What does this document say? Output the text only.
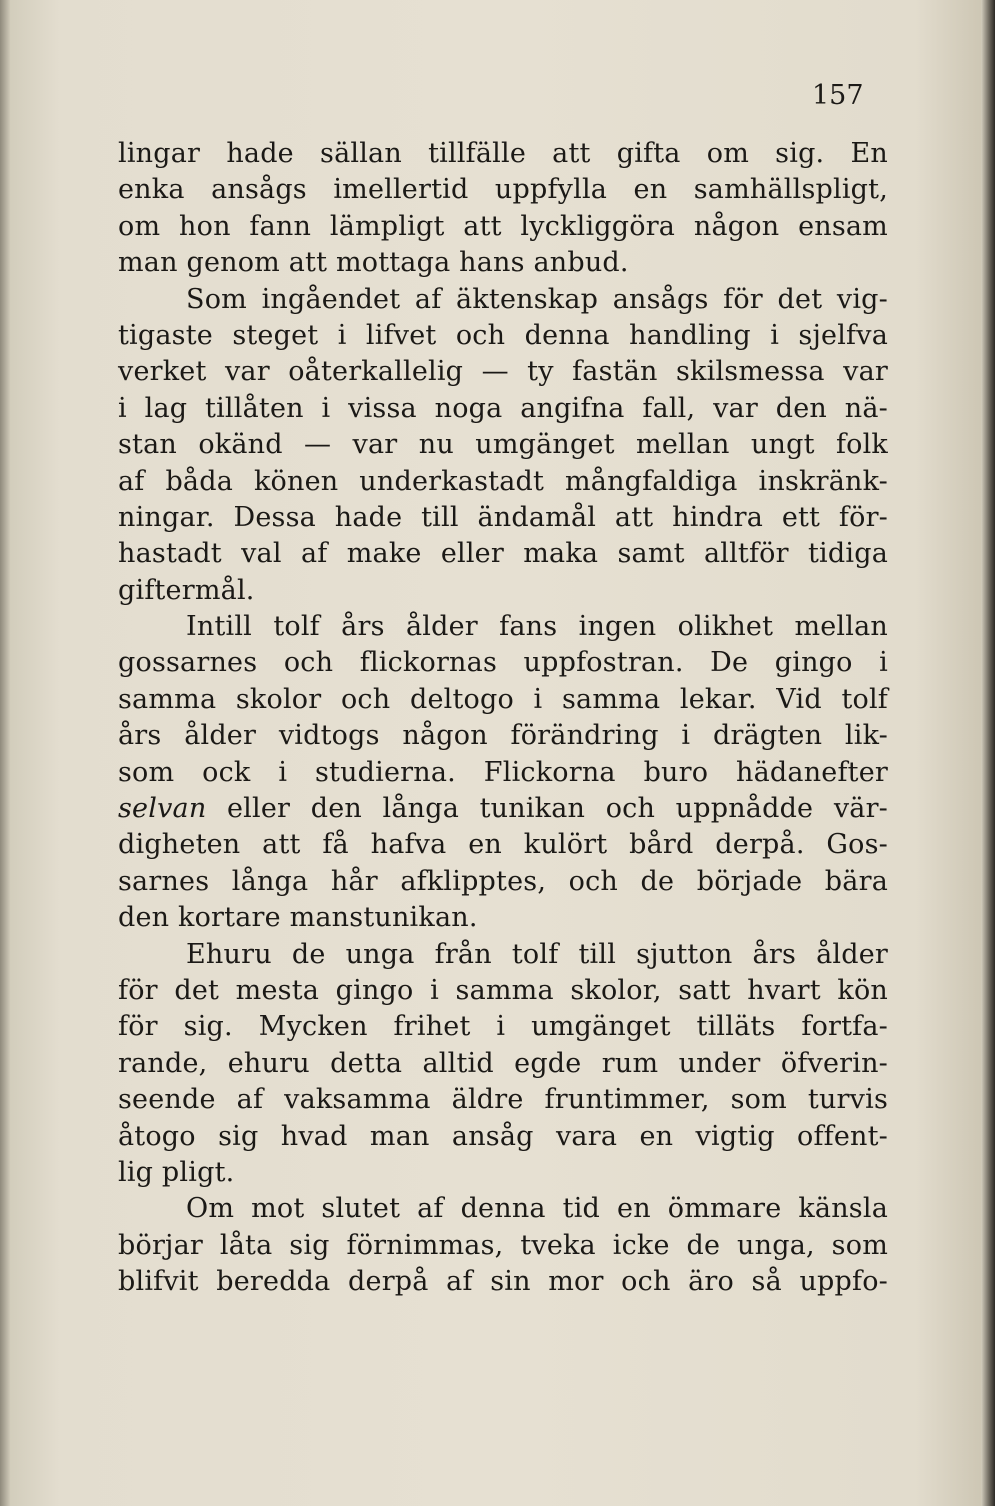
157
lingar hade sällan tillfälle att gifta om sig. En
enka ansågs imellertid uppfylla en samhällspligt,
om hon fann lämpligt att lyckliggöra någon ensam
man genom att mottaga hans anbud.
Som ingåendet af äktenskap ansågs för det vig-
tigaste steget i lifvet och denna handling i sjelfva
verket var oåterkallelig — ty fastän skilsmessa var
i lag tillåten i vissa noga angifna fall, var den nä-
stan okänd — var nu umgänget mellan ungt folk
af båda könen underkastadt mångfaldiga inskränk-
ningar. Dessa hade till ändamål att hindra ett för-
hastadt val af make eller maka samt alltför tidiga
giftermål.
Intill tolf års ålder fans ingen olikhet mellan
gossarnes och flickornas uppfostran. De gingo i
samma skolor och deltogo i samma lekar. Vid tolf
års ålder vidtogs någon förändring i drägten lik-
som ock i studierna. Flickorna buro hädanefter
selvan eller den långa tunikan och uppnådde vär-
digheten att få hafva en kulört bård derpå. Gos-
sarnes långa hår afklipptes, och de började bära
den kortare manstunikan.
Ehuru de unga från tolf till sjutton års ålder
för det mesta gingo i samma skolor, satt hvart kön
för sig. Mycken frihet i umgänget tilläts fortfa-
rande, ehuru detta alltid egde rum under öfverin-
seende af vaksamma äldre fruntimmer, som turvis
åtogo sig hvad man ansåg vara en vigtig offent-
lig pligt.
Om mot slutet af denna tid en ömmare känsla
börjar låta sig förnimmas, tveka icke de unga, som
blifvit beredda derpå af sin mor och äro så uppfo-
